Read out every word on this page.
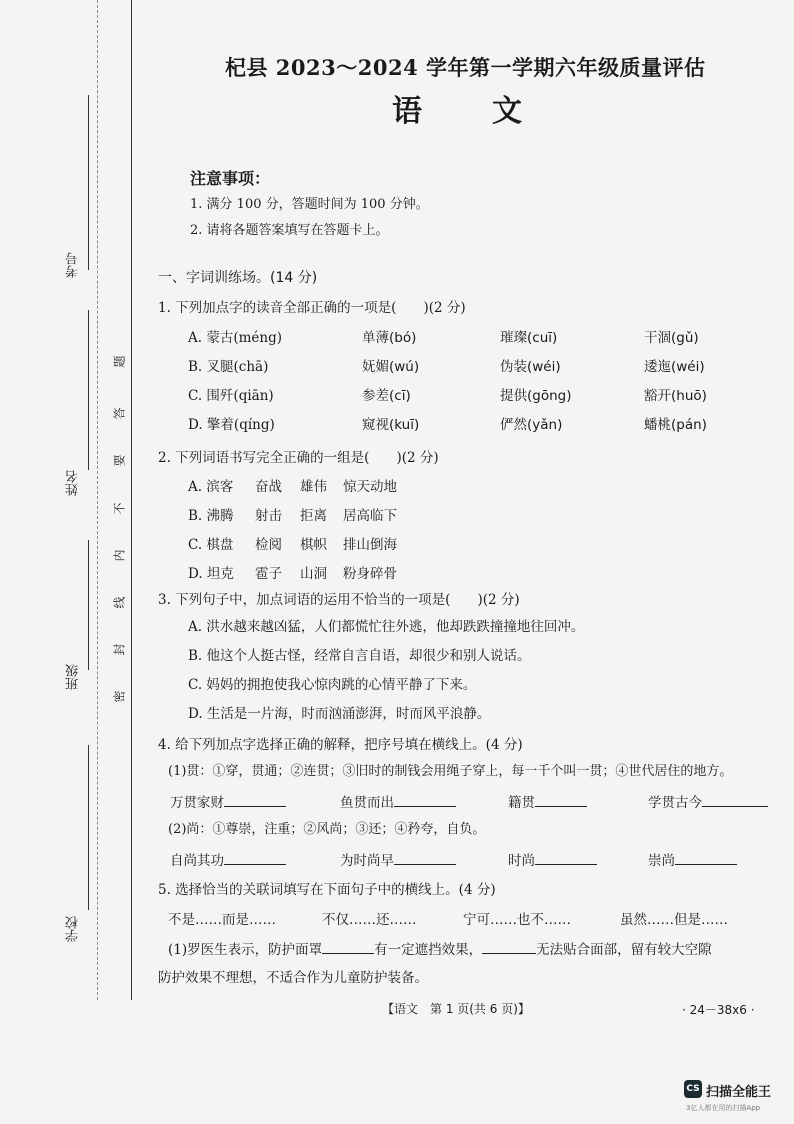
考号
姓名
班级
学校
题
答
要
不
内
线
封
密
杞县 2023～2024 学年第一学期六年级质量评估
语文
注意事项：
1. 满分 100 分，答题时间为 100 分钟。
2. 请将各题答案填写在答题卡上。
一、字词训练场。(14 分)
1. 下列加点字的读音全部正确的一项是(　　)(2 分)
A. 蒙古(méng)	单薄(bó)	璀璨(cuī)	干涸(gǔ)
B. 叉腿(chā)	妩媚(wú)	伪装(wéi)	逶迤(wéi)
C. 围歼(qiān)	参差(cī)	提供(gōng)	豁开(huō)
D. 擎着(qíng)	窥视(kuī)	俨然(yǎn)	蟠桃(pán)
2. 下列词语书写完全正确的一组是(　　)(2 分)
A. 滨客 奋战 雄伟 惊天动地
B. 沸腾 射击 拒离 居高临下
C. 棋盘 检阅 棋帜 排山倒海
D. 坦克 雹子 山洞 粉身碎骨
3. 下列句子中，加点词语的运用不恰当的一项是(　　)(2 分)
A. 洪水越来越凶猛，人们都慌忙往外逃，他却跌跌撞撞地往回冲。
B. 他这个人挺古怪，经常自言自语，却很少和别人说话。
C. 妈妈的拥抱使我心惊肉跳的心情平静了下来。
D. 生活是一片海，时而汹涌澎湃，时而风平浪静。
4. 给下列加点字选择正确的解释，把序号填在横线上。(4 分)
(1)贯：①穿，贯通；②连贯；③旧时的制钱会用绳子穿上，每一千个叫一贯；④世代居住的地方。
万贯家财	鱼贯而出	籍贯	学贯古今
(2)尚：①尊崇，注重；②风尚；③还；④矜夸，自负。
自尚其功	为时尚早	时尚	崇尚
5. 选择恰当的关联词填写在下面句子中的横线上。(4 分)
不是……而是……	不仅……还……	宁可……也不……	虽然……但是……
(1)罗医生表示，防护面罩	有一定遮挡效果，	无法贴合面部，留有较大空隙
防护效果不理想，不适合作为儿童防护装备。
【语文　第 1 页(共 6 页)】	· 24－38x6 ·
CS 扫描全能王
3亿人都在用的扫描App
